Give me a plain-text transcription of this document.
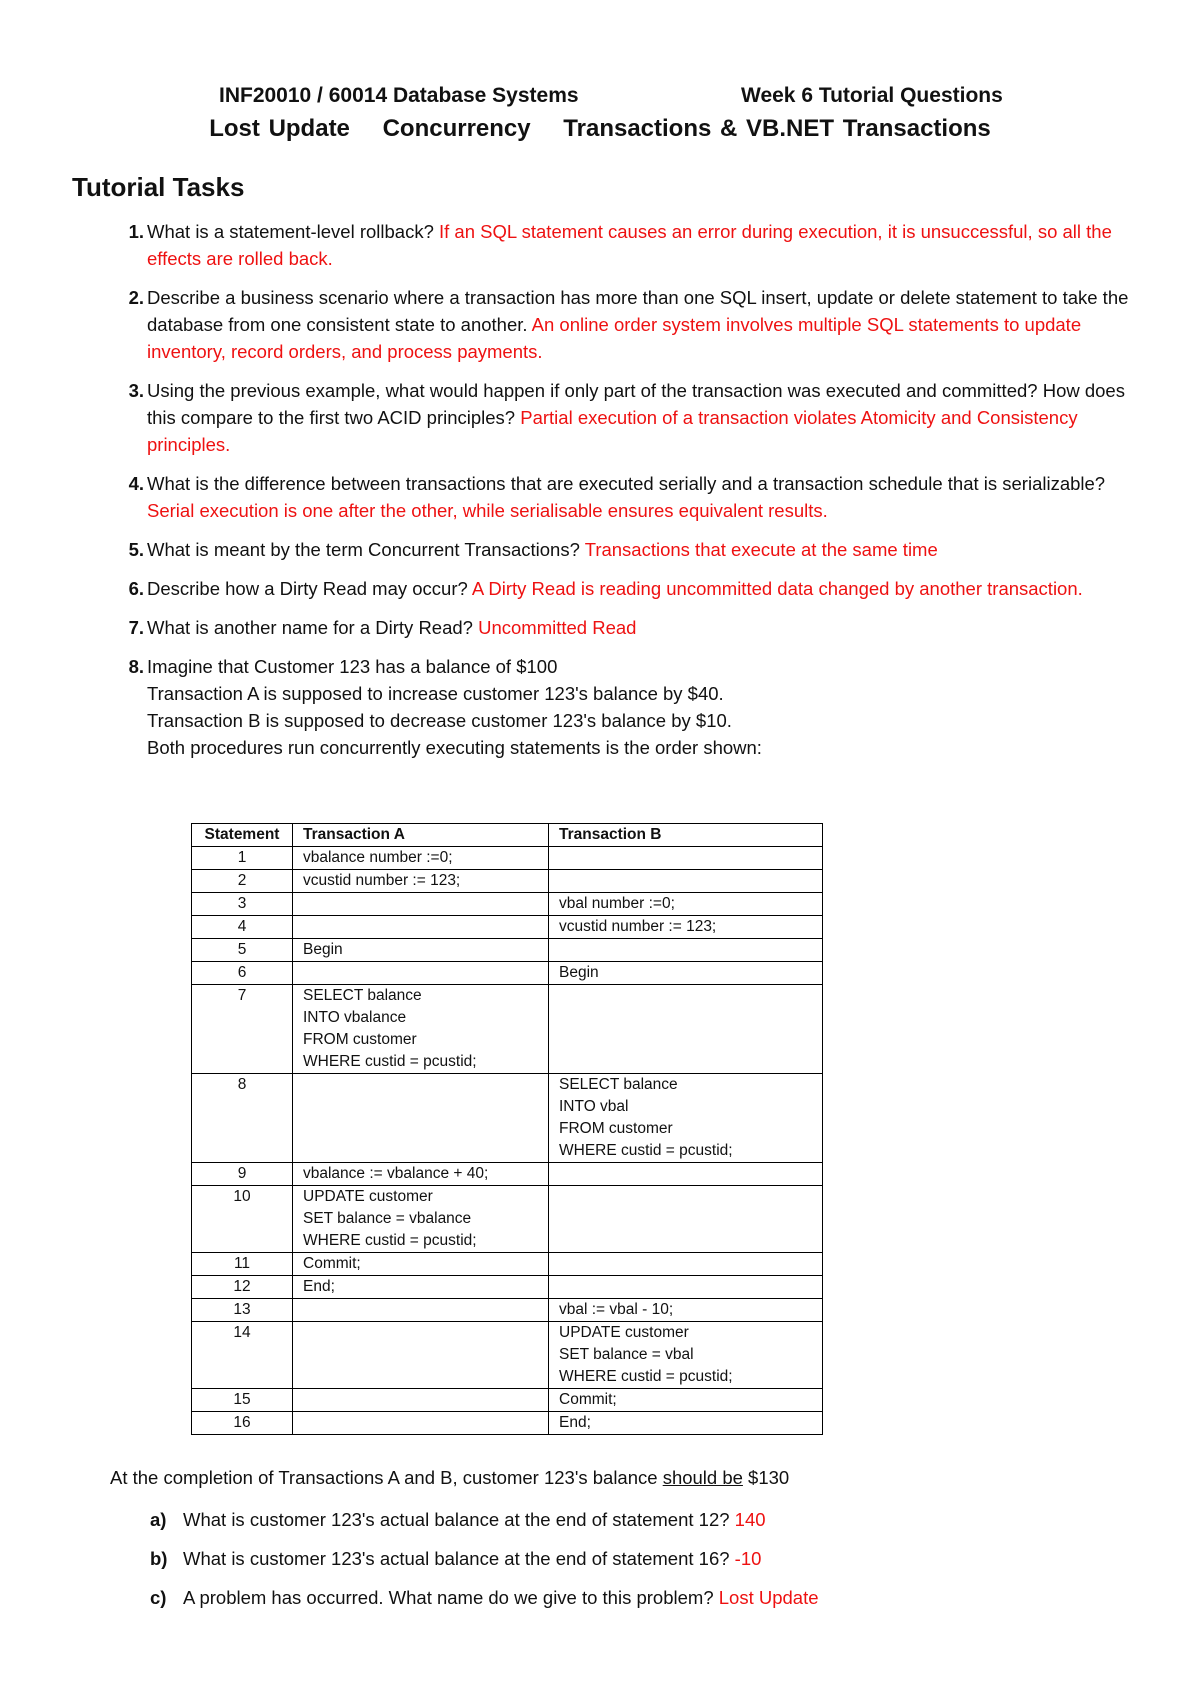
INF20010 / 60014 Database Systems	Week 6 Tutorial Questions
Lost Update Concurrency Transactions & VB.NET Transactions
Tutorial Tasks
1. What is a statement-level rollback? If an SQL statement causes an error during execution, it is unsuccessful, so all the effects are rolled back.
2. Describe a business scenario where a transaction has more than one SQL insert, update or delete statement to take the database from one consistent state to another. An online order system involves multiple SQL statements to update inventory, record orders, and process payments.
3. Using the previous example, what would happen if only part of the transaction was executed and committed? How does this compare to the first two ACID principles? Partial execution of a transaction violates Atomicity and Consistency principles.
4. What is the difference between transactions that are executed serially and a transaction schedule that is serializable? Serial execution is one after the other, while serialisable ensures equivalent results.
5. What is meant by the term Concurrent Transactions? Transactions that execute at the same time
6. Describe how a Dirty Read may occur? A Dirty Read is reading uncommitted data changed by another transaction.
7. What is another name for a Dirty Read? Uncommitted Read
8. Imagine that Customer 123 has a balance of $100
Transaction A is supposed to increase customer 123's balance by $40.
Transaction B is supposed to decrease customer 123's balance by $10.
Both procedures run concurrently executing statements is the order shown:
Statement	Transaction A	Transaction B
1	vbalance number :=0;	

2	vcustid number := 123;	

3		vbal number :=0;

4		vcustid number := 123;

5	Begin	

6		Begin

7	SELECT balance
INTO vbalance
FROM customer
WHERE custid = pcustid;	

8		SELECT balance
INTO vbal
FROM customer
WHERE custid = pcustid;

9	vbalance := vbalance + 40;	

10	UPDATE customer
SET balance = vbalance
WHERE custid = pcustid;	

11	Commit;	

12	End;	

13		vbal := vbal - 10;

14		UPDATE customer
SET balance = vbal
WHERE custid = pcustid;

15		Commit;

16		End;
At the completion of Transactions A and B, customer 123's balance should be $130
a) What is customer 123's actual balance at the end of statement 12? 140
b) What is customer 123's actual balance at the end of statement 16? -10
c) A problem has occurred. What name do we give to this problem? Lost Update
